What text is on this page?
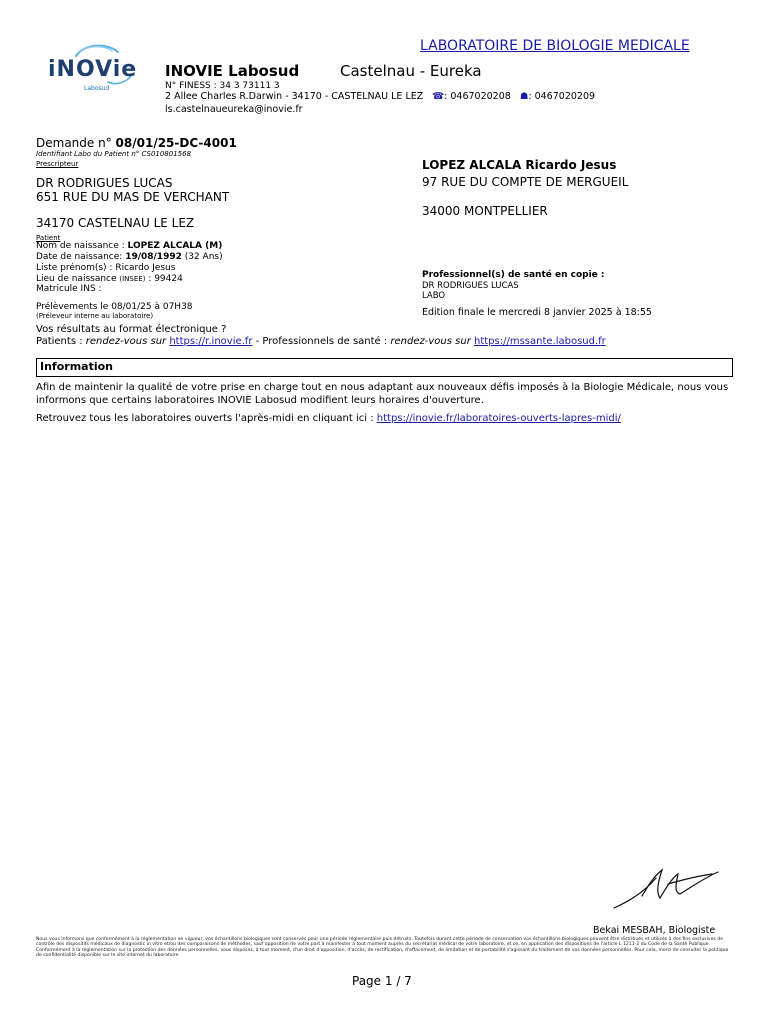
LABORATOIRE DE BIOLOGIE MEDICALE
iNOVie
Labosud
INOVIE Labosud	Castelnau - Eureka
N° FINESS : 34 3 73111 3
2 Allee Charles R.Darwin - 34170 - CASTELNAU LE LEZ ☎: 0467020208 ☗: 0467020209
ls.castelnaueureka@inovie.fr
Demande n° 08/01/25-DC-4001
Identifiant Labo du Patient n° CS010801568
Prescripteur
DR RODRIGUES LUCAS
651 RUE DU MAS DE VERCHANT
34170 CASTELNAU LE LEZ
LOPEZ ALCALA Ricardo Jesus
97 RUE DU COMPTE DE MERGUEIL
34000 MONTPELLIER
Patient
Nom de naissance : LOPEZ ALCALA (M)
Date de naissance: 19/08/1992 (32 Ans)
Liste prénom(s) : Ricardo Jesus
Lieu de naissance (INSEE) : 99424
Matricule INS :
Prélèvements le 08/01/25 à 07H38
(Préleveur interne au laboratoire)
Professionnel(s) de santé en copie :
DR RODRIGUES LUCAS
LABO
Edition finale le mercredi 8 janvier 2025 à 18:55
Vos résultats au format électronique ?
Patients : rendez-vous sur https://r.inovie.fr - Professionnels de santé : rendez-vous sur https://mssante.labosud.fr
Information
Afin de maintenir la qualité de votre prise en charge tout en nous adaptant aux nouveaux défis imposés à la Biologie Médicale, nous vous informons que certains laboratoires INOVIE Labosud modifient leurs horaires d'ouverture.
Retrouvez tous les laboratoires ouverts l'après-midi en cliquant ici : https://inovie.fr/laboratoires-ouverts-lapres-midi/
Bekai MESBAH, Biologiste
Nous vous informons que conformément à la réglementation en vigueur, vos échantillons biologiques sont conservés pour une période réglementaire puis détruits. Toutefois durant cette période de conservation vos échantillons biologiques peuvent être distribués et utilisés à des fins exclusives de contrôle des dispositifs médicaux de diagnostic in vitro et/ou des comparaisons de méthodes, sauf opposition de votre part à manifester à tout moment auprès du secrétariat médical de votre laboratoire, et ce, en application des dispositions de l'article L 1211-2 du Code de la Santé Publique. Conformément à la réglementation sur la protection des données personnelles, vous disposez, à tout moment, d'un droit d'opposition, d'accès, de rectification, d'effacement, de limitation et de portabilité s'agissant du traitement de vos données personnelles. Pour cela, merci de consulter la politique de confidentialité disponible sur le site internet du laboratoire
Page 1 / 7
